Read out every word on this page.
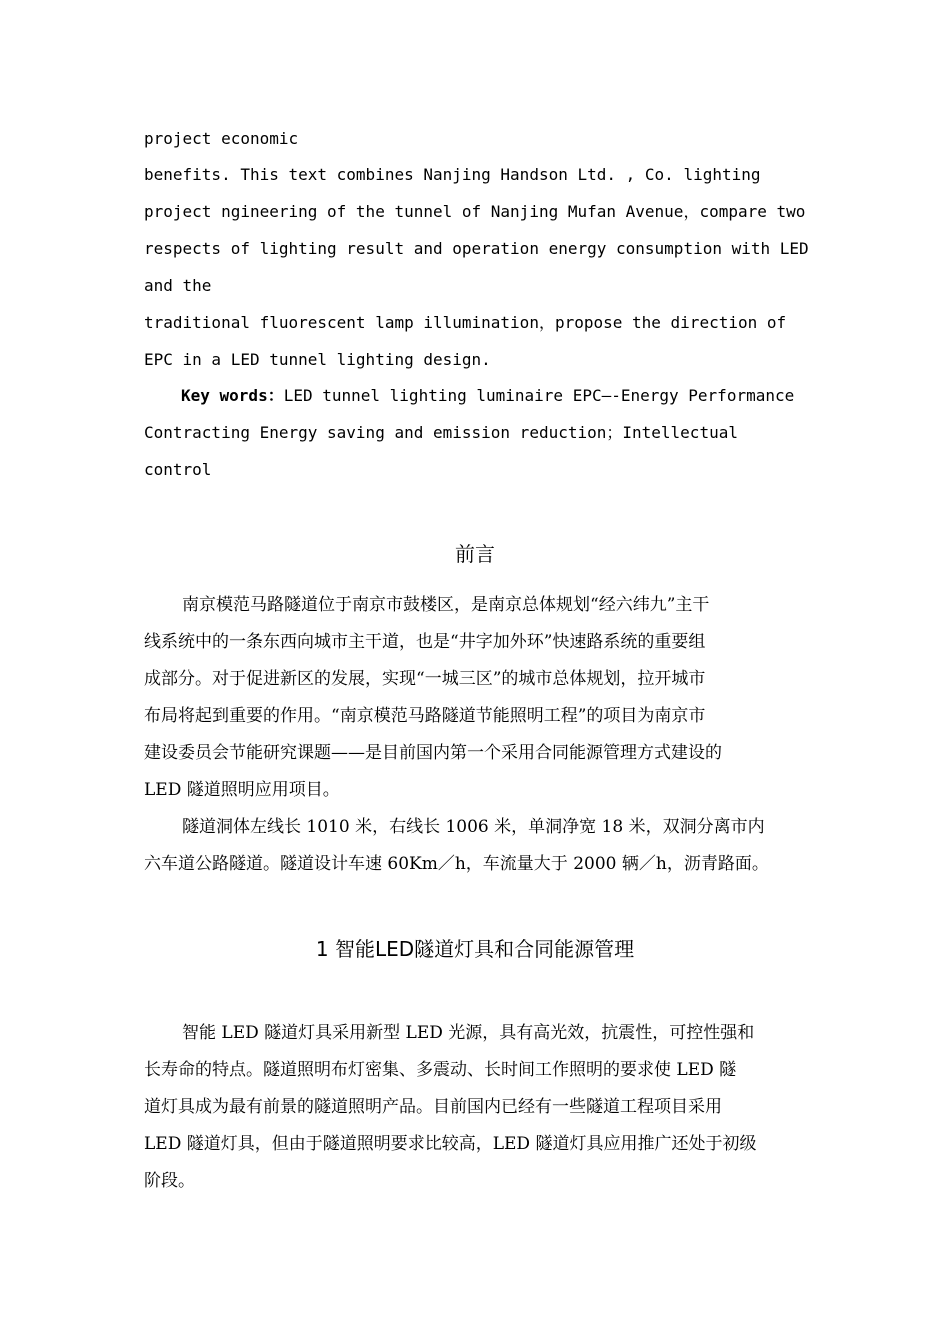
project economic
benefits. This text combines Nanjing Handson Ltd. , Co. lighting
project ngineering of the tunnel of Nanjing Mufan Avenue，compare two
respects of lighting result and operation energy consumption with LED
and the
traditional fluorescent lamp illumination，propose the direction of
EPC in a LED tunnel lighting design.
Key words：LED tunnel lighting luminaire EPC—-Energy Performance
Contracting Energy saving and emission reduction；Intellectual
control
前言
南京模范马路隧道位于南京市鼓楼区，是南京总体规划“经六纬九”主干
线系统中的一条东西向城市主干道，也是“井字加外环”快速路系统的重要组
成部分。对于促进新区的发展，实现“一城三区”的城市总体规划，拉开城市
布局将起到重要的作用。“南京模范马路隧道节能照明工程”的项目为南京市
建设委员会节能研究课题——是目前国内第一个采用合同能源管理方式建设的
LED 隧道照明应用项目。
隧道洞体左线长 1010 米，右线长 1006 米，单洞净宽 18 米，双洞分离市内
六车道公路隧道。隧道设计车速 60Km／h，车流量大于 2000 辆／h，沥青路面。
1 智能LED隧道灯具和合同能源管理
智能 LED 隧道灯具采用新型 LED 光源，具有高光效，抗震性，可控性强和
长寿命的特点。隧道照明布灯密集、多震动、长时间工作照明的要求使 LED 隧
道灯具成为最有前景的隧道照明产品。目前国内已经有一些隧道工程项目采用
LED 隧道灯具，但由于隧道照明要求比较高，LED 隧道灯具应用推广还处于初级
阶段。
